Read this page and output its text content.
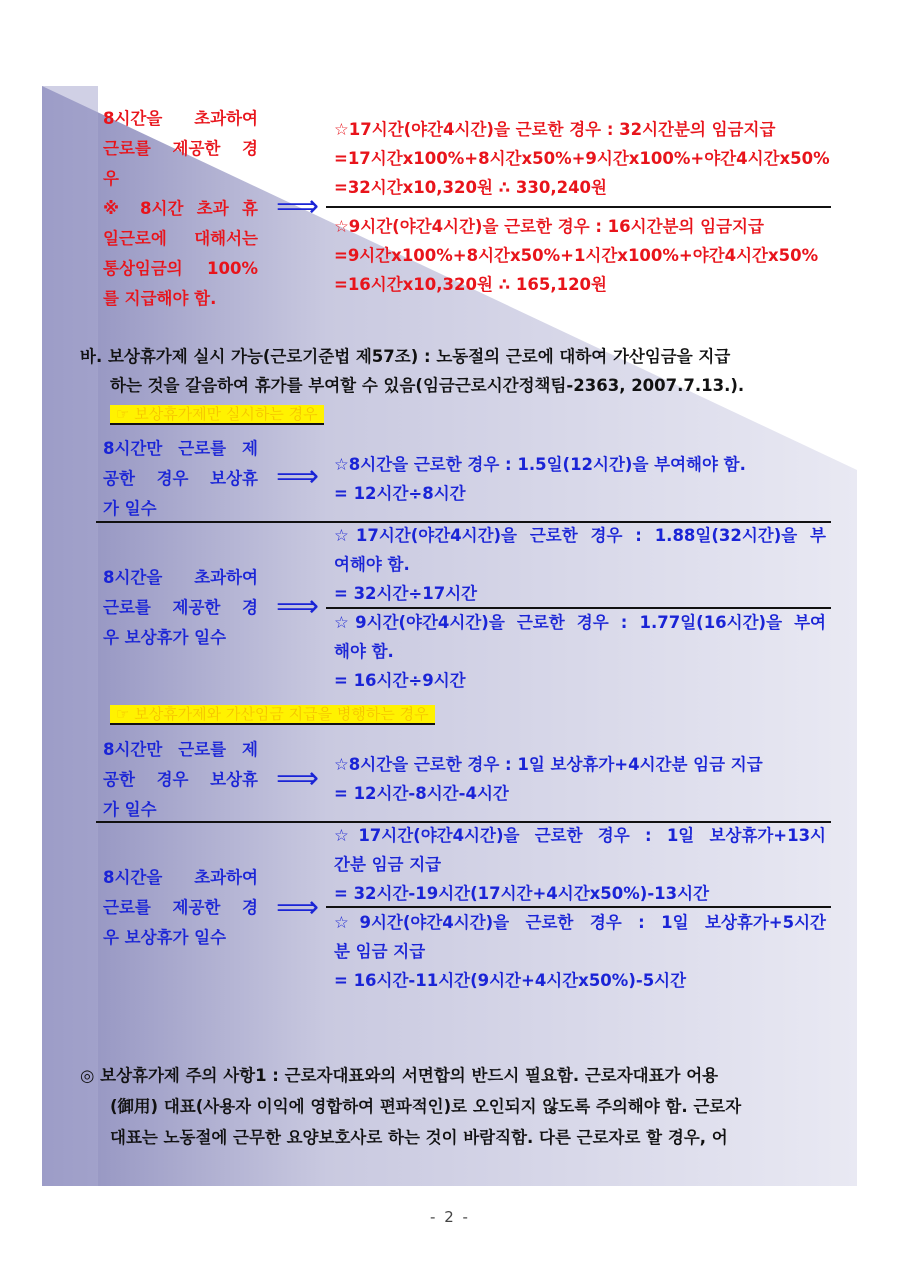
8시간을 초과하여
근로를 제공한 경
우
※ 8시간 초과 휴
일근로에 대해서는
통상임금의 100%
를 지급해야 함.
⟹
☆17시간(야간4시간)을 근로한 경우 : 32시간분의 임금지급
=17시간x100%+8시간x50%+9시간x100%+야간4시간x50%
=32시간x10,320원 ∴ 330,240원
☆9시간(야간4시간)을 근로한 경우 : 16시간분의 임금지급
=9시간x100%+8시간x50%+1시간x100%+야간4시간x50%
=16시간x10,320원 ∴ 165,120원
바. 보상휴가제 실시 가능(근로기준법 제57조) : 노동절의 근로에 대하여 가산임금을 지급
하는 것을 갈음하여 휴가를 부여할 수 있음(임금근로시간정책팀-2363, 2007.7.13.).
☞ 보상휴가제만 실시하는 경우
8시간만 근로를 제
공한 경우 보상휴
가 일수
⟹ ☆8시간을 근로한 경우 : 1.5일(12시간)을 부여해야 함.
= 12시간÷8시간
8시간을 초과하여
근로를 제공한 경
우 보상휴가 일수
⟹
☆17시간(야간4시간)을 근로한 경우 : 1.88일(32시간)을 부
여해야 함.
= 32시간÷17시간
☆9시간(야간4시간)을 근로한 경우 : 1.77일(16시간)을 부여
해야 함.
= 16시간÷9시간
☞ 보상휴가제와 가산임금 지급을 병행하는 경우
8시간만 근로를 제
공한 경우 보상휴
가 일수
⟹ ☆8시간을 근로한 경우 : 1일 보상휴가+4시간분 임금 지급
= 12시간-8시간-4시간
8시간을 초과하여
근로를 제공한 경
우 보상휴가 일수
⟹
☆17시간(야간4시간)을 근로한 경우 : 1일 보상휴가+13시
간분 임금 지급
= 32시간-19시간(17시간+4시간x50%)-13시간
☆9시간(야간4시간)을 근로한 경우 : 1일 보상휴가+5시간
분 임금 지급
= 16시간-11시간(9시간+4시간x50%)-5시간
◎ 보상휴가제 주의 사항1 : 근로자대표와의 서면합의 반드시 필요함. 근로자대표가 어용
(御用) 대표(사용자 이익에 영합하여 편파적인)로 오인되지 않도록 주의해야 함. 근로자
대표는 노동절에 근무한 요양보호사로 하는 것이 바람직함. 다른 근로자로 할 경우, 어
- 2 -
